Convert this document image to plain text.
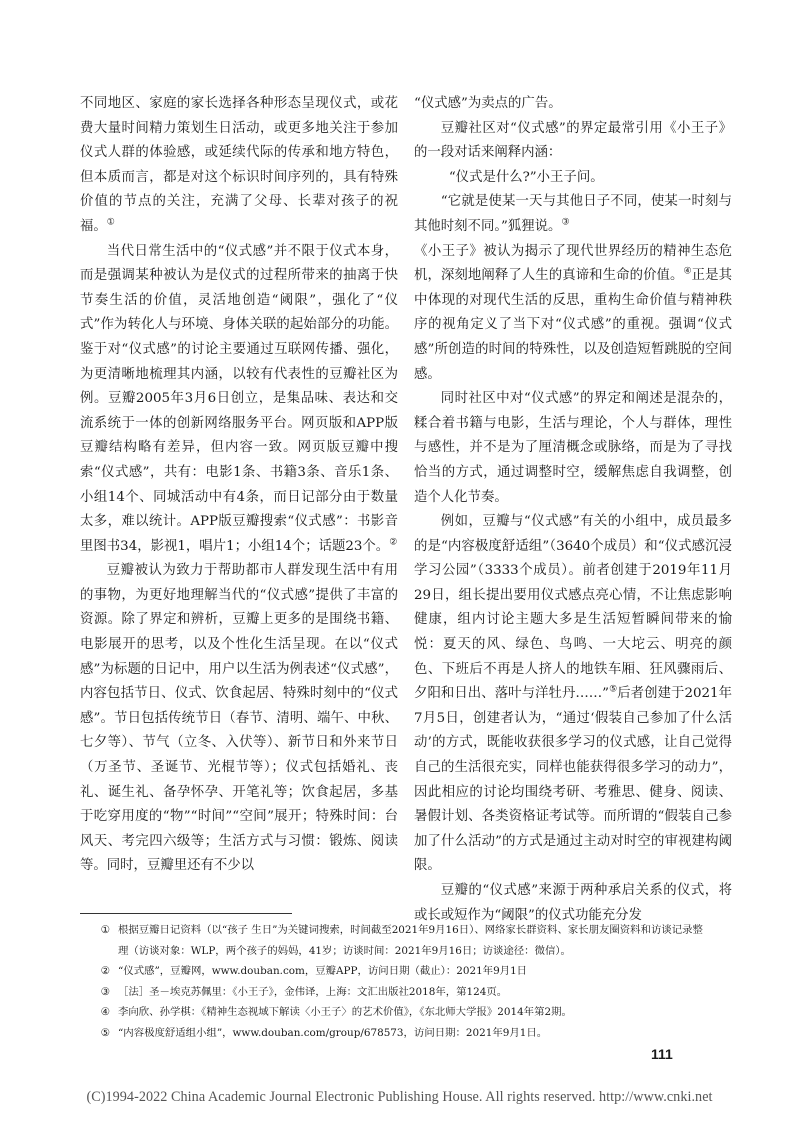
不同地区、家庭的家长选择各种形态呈现仪式，或花费大量时间精力策划生日活动，或更多地关注于参加仪式人群的体验感，或延续代际的传承和地方特色，但本质而言，都是对这个标识时间序列的，具有特殊价值的节点的关注，充满了父母、长辈对孩子的祝福。①

当代日常生活中的“仪式感”并不限于仪式本身，而是强调某种被认为是仪式的过程所带来的抽离于快节奏生活的价值，灵活地创造“阈限”，强化了“仪式”作为转化人与环境、身体关联的起始部分的功能。鉴于对“仪式感”的讨论主要通过互联网传播、强化，为更清晰地梳理其内涵，以较有代表性的豆瓣社区为例。豆瓣2005年3月6日创立，是集品味、表达和交流系统于一体的创新网络服务平台。网页版和APP版豆瓣结构略有差异，但内容一致。网页版豆瓣中搜索“仪式感”，共有：电影1条、书籍3条、音乐1条、小组14个、同城活动中有4条，而日记部分由于数量太多，难以统计。APP版豆瓣搜索“仪式感”：书影音里图书34，影视1，唱片1；小组14个；话题23个。②

豆瓣被认为致力于帮助都市人群发现生活中有用的事物，为更好地理解当代的“仪式感”提供了丰富的资源。除了界定和辨析，豆瓣上更多的是围绕书籍、电影展开的思考，以及个性化生活呈现。在以“仪式感”为标题的日记中，用户以生活为例表述“仪式感”，内容包括节日、仪式、饮食起居、特殊时刻中的“仪式感”。节日包括传统节日（春节、清明、端午、中秋、七夕等）、节气（立冬、入伏等）、新节日和外来节日（万圣节、圣诞节、光棍节等）；仪式包括婚礼、丧礼、诞生礼、备孕怀孕、开笔礼等；饮食起居，多基于吃穿用度的“物”“时间”“空间”展开；特殊时间：台风天、考完四六级等；生活方式与习惯：锻炼、阅读等。同时，豆瓣里还有不少以

“仪式感”为卖点的广告。

豆瓣社区对“仪式感”的界定最常引用《小王子》的一段对话来阐释内涵：

“仪式是什么?”小王子问。

“它就是使某一天与其他日子不同，使某一时刻与其他时刻不同。”狐狸说。③

《小王子》被认为揭示了现代世界经历的精神生态危机，深刻地阐释了人生的真谛和生命的价值。④正是其中体现的对现代生活的反思，重构生命价值与精神秩序的视角定义了当下对“仪式感”的重视。强调“仪式感”所创造的时间的特殊性，以及创造短暂跳脱的空间感。

同时社区中对“仪式感”的界定和阐述是混杂的，糅合着书籍与电影，生活与理论，个人与群体，理性与感性，并不是为了厘清概念或脉络，而是为了寻找恰当的方式，通过调整时空，缓解焦虑自我调整，创造个人化节奏。

例如，豆瓣与“仪式感”有关的小组中，成员最多的是“内容极度舒适组”（3640个成员）和“仪式感沉浸学习公园”（3333个成员）。前者创建于2019年11月29日，组长提出要用仪式感点亮心情，不让焦虑影响健康，组内讨论主题大多是生活短暂瞬间带来的愉悦：夏天的风、绿色、鸟鸣、一大坨云、明亮的颜色、下班后不再是人挤人的地铁车厢、狂风骤雨后、夕阳和日出、落叶与洋牡丹……”⑤后者创建于2021年7月5日，创建者认为，“通过‘假装自己参加了什么活动’的方式，既能收获很多学习的仪式感，让自己觉得自己的生活很充实，同样也能获得很多学习的动力”，因此相应的讨论均围绕考研、考雅思、健身、阅读、暑假计划、各类资格证考试等。而所谓的“假装自己参加了什么活动”的方式是通过主动对时空的审视建构阈限。

豆瓣的“仪式感”来源于两种承启关系的仪式，将或长或短作为“阈限”的仪式功能充分发

① 根据豆瓣日记资料（以“孩子 生日”为关键词搜索，时间截至2021年9月16日）、网络家长群资料、家长朋友圈资料和访谈记录整理（访谈对象：WLP，两个孩子的妈妈，41岁；访谈时间：2021年9月16日；访谈途径：微信）。
② “仪式感”，豆瓣网，www.douban.com，豆瓣APP，访问日期（截止）：2021年9月1日
③ ［法］圣－埃克苏佩里：《小王子》，金伟译，上海：文汇出版社2018年，第124页。
④ 李向欣、孙学棋：《精神生态视域下解读〈小王子〉的艺术价值》，《东北师大学报》2014年第2期。
⑤ “内容极度舒适组小组”，www.douban.com/group/678573，访问日期：2021年9月1日。
111
(C)1994-2022 China Academic Journal Electronic Publishing House. All rights reserved. http://www.cnki.net
